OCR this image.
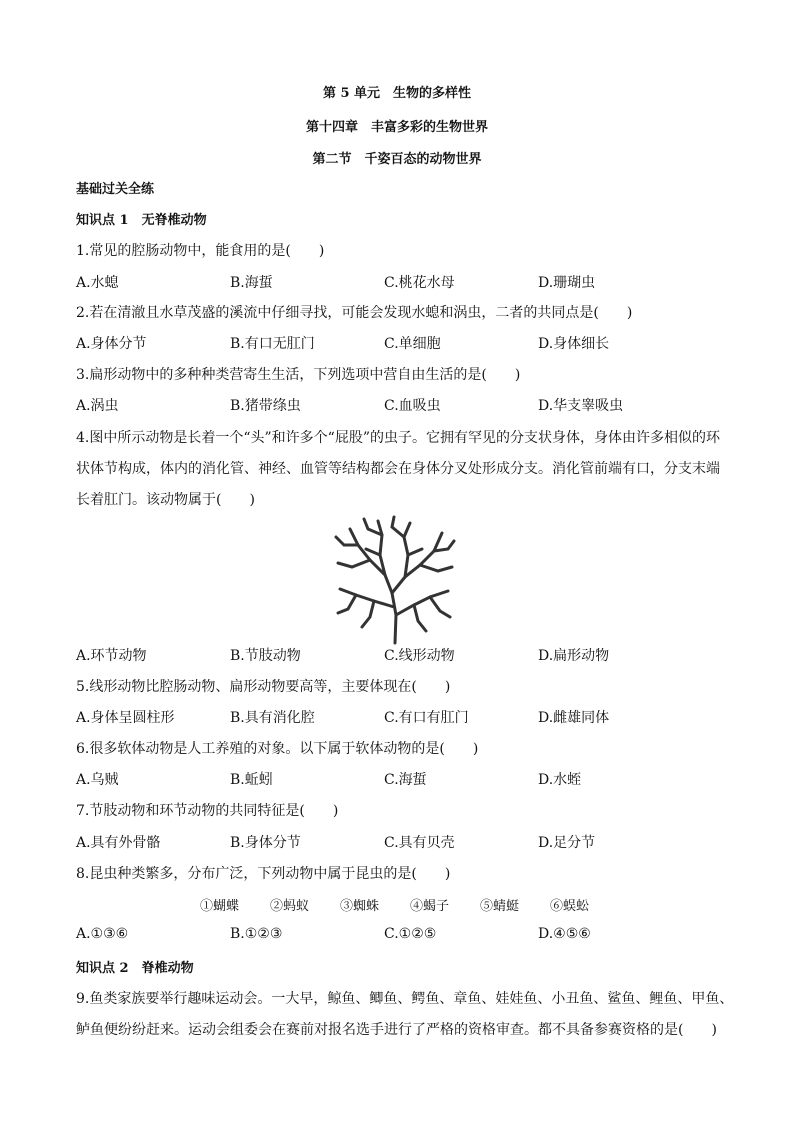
第 5 单元　生物的多样性
第十四章　丰富多彩的生物世界
第二节　千姿百态的动物世界
基础过关全练
知识点 1　无脊椎动物
1.常见的腔肠动物中，能食用的是(　　)
A.水螅	B.海蜇	C.桃花水母	D.珊瑚虫
2.若在清澈且水草茂盛的溪流中仔细寻找，可能会发现水螅和涡虫，二者的共同点是(　　)
A.身体分节	B.有口无肛门	C.单细胞	D.身体细长
3.扁形动物中的多种种类营寄生生活，下列选项中营自由生活的是(　　)
A.涡虫	B.猪带绦虫	C.血吸虫	D.华支睾吸虫
4.图中所示动物是长着一个“头”和许多个“屁股”的虫子。它拥有罕见的分支状身体，身体由许多相似的环
状体节构成，体内的消化管、神经、血管等结构都会在身体分叉处形成分支。消化管前端有口，分支末端
长着肛门。该动物属于(　　)
A.环节动物	B.节肢动物	C.线形动物	D.扁形动物
5.线形动物比腔肠动物、扁形动物要高等，主要体现在(　　)
A.身体呈圆柱形	B.具有消化腔	C.有口有肛门	D.雌雄同体
6.很多软体动物是人工养殖的对象。以下属于软体动物的是(　　)
A.乌贼	B.蚯蚓	C.海蜇	D.水蛭
7.节肢动物和环节动物的共同特征是(　　)
A.具有外骨骼	B.身体分节	C.具有贝壳	D.足分节
8.昆虫种类繁多，分布广泛，下列动物中属于昆虫的是(　　)
①蝴蝶 ②蚂蚁 ③蜘蛛 ④蝎子 ⑤蜻蜓 ⑥蜈蚣
A.①③⑥	B.①②③	C.①②⑤	D.④⑤⑥
知识点 2　脊椎动物
9.鱼类家族要举行趣味运动会。一大早，鲸鱼、鲫鱼、鳄鱼、章鱼、娃娃鱼、小丑鱼、鲨鱼、鲤鱼、甲鱼、
鲈鱼便纷纷赶来。运动会组委会在赛前对报名选手进行了严格的资格审查。都不具备参赛资格的是(　　)
